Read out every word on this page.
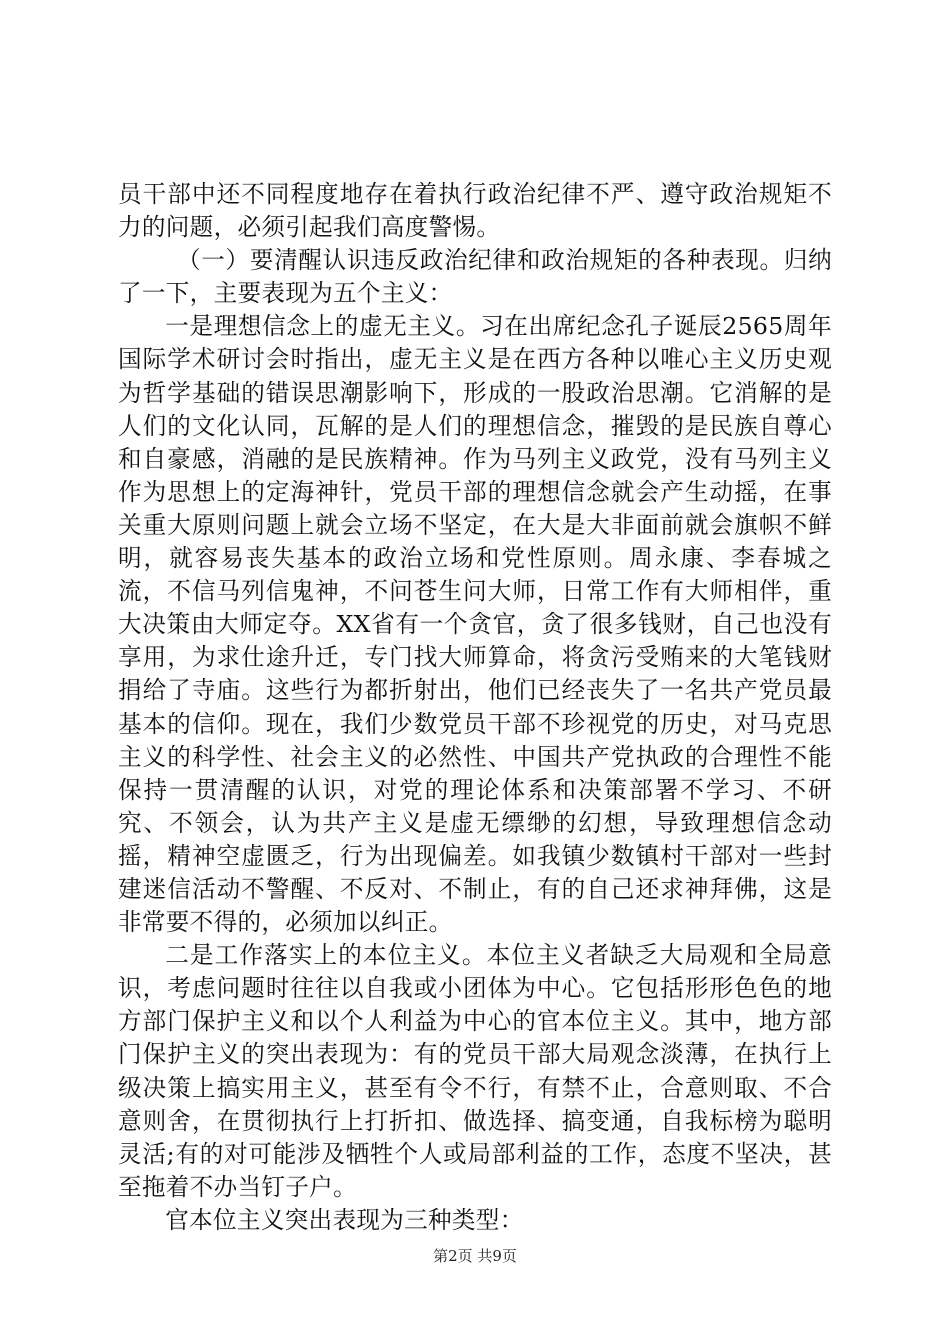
员干部中还不同程度地存在着执行政治纪律不严、遵守政治规矩不力的问题，必须引起我们高度警惕。

（一）要清醒认识违反政治纪律和政治规矩的各种表现。归纳了一下，主要表现为五个主义：

一是理想信念上的虚无主义。习在出席纪念孔子诞辰2565周年国际学术研讨会时指出，虚无主义是在西方各种以唯心主义历史观为哲学基础的错误思潮影响下，形成的一股政治思潮。它消解的是人们的文化认同，瓦解的是人们的理想信念，摧毁的是民族自尊心和自豪感，消融的是民族精神。作为马列主义政党，没有马列主义作为思想上的定海神针，党员干部的理想信念就会产生动摇，在事关重大原则问题上就会立场不坚定，在大是大非面前就会旗帜不鲜明，就容易丧失基本的政治立场和党性原则。周永康、李春城之流，不信马列信鬼神，不问苍生问大师，日常工作有大师相伴，重大决策由大师定夺。XX省有一个贪官，贪了很多钱财，自己也没有享用，为求仕途升迁，专门找大师算命，将贪污受贿来的大笔钱财捐给了寺庙。这些行为都折射出，他们已经丧失了一名共产党员最基本的信仰。现在，我们少数党员干部不珍视党的历史，对马克思主义的科学性、社会主义的必然性、中国共产党执政的合理性不能保持一贯清醒的认识，对党的理论体系和决策部署不学习、不研究、不领会，认为共产主义是虚无缥缈的幻想，导致理想信念动摇，精神空虚匮乏，行为出现偏差。如我镇少数镇村干部对一些封建迷信活动不警醒、不反对、不制止，有的自己还求神拜佛，这是非常要不得的，必须加以纠正。

二是工作落实上的本位主义。本位主义者缺乏大局观和全局意识，考虑问题时往往以自我或小团体为中心。它包括形形色色的地方部门保护主义和以个人利益为中心的官本位主义。其中，地方部门保护主义的突出表现为：有的党员干部大局观念淡薄，在执行上级决策上搞实用主义，甚至有令不行，有禁不止，合意则取、不合意则舍，在贯彻执行上打折扣、做选择、搞变通，自我标榜为聪明灵活;有的对可能涉及牺牲个人或局部利益的工作，态度不坚决，甚至拖着不办当钉子户。

官本位主义突出表现为三种类型：

第2页 共9页
